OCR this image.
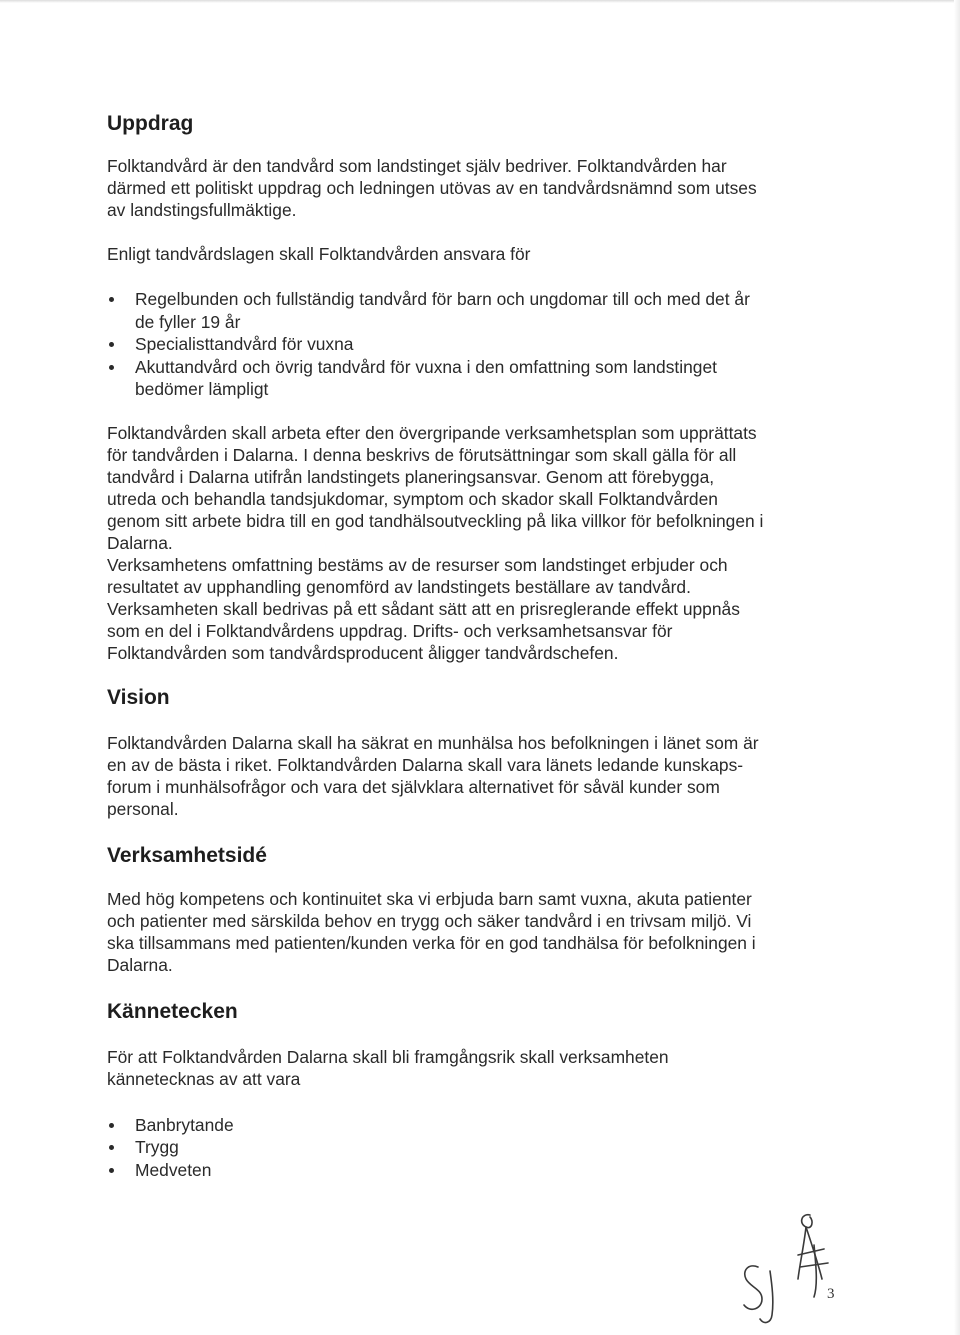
Uppdrag

Folktandvård är den tandvård som landstinget själv bedriver. Folktandvården har
därmed ett politiskt uppdrag och ledningen utövas av en tandvårdsnämnd som utses
av landstingsfullmäktige.

Enligt tandvårdslagen skall Folktandvården ansvara för

Regelbunden och fullständig tandvård för barn och ungdomar till och med det år
de fyller 19 år
Specialisttandvård för vuxna
Akuttandvård och övrig tandvård för vuxna i den omfattning som landstinget
bedömer lämpligt

Folktandvården skall arbeta efter den övergripande verksamhetsplan som upprättats
för tandvården i Dalarna. I denna beskrivs de förutsättningar som skall gälla för all
tandvård i Dalarna utifrån landstingets planeringsansvar. Genom att förebygga,
utreda och behandla tandsjukdomar, symptom och skador skall Folktandvården
genom sitt arbete bidra till en god tandhälsoutveckling på lika villkor för befolkningen i
Dalarna.
Verksamhetens omfattning bestäms av de resurser som landstinget erbjuder och
resultatet av upphandling genomförd av landstingets beställare av tandvård.
Verksamheten skall bedrivas på ett sådant sätt att en prisreglerande effekt uppnås
som en del i Folktandvårdens uppdrag. Drifts- och verksamhetsansvar för
Folktandvården som tandvårdsproducent åligger tandvårdschefen.

Vision

Folktandvården Dalarna skall ha säkrat en munhälsa hos befolkningen i länet som är
en av de bästa i riket. Folktandvården Dalarna skall vara länets ledande kunskaps-
forum i munhälsofrågor och vara det självklara alternativet för såväl kunder som
personal.

Verksamhetsidé

Med hög kompetens och kontinuitet ska vi erbjuda barn samt vuxna, akuta patienter
och patienter med särskilda behov en trygg och säker tandvård i en trivsam miljö. Vi
ska tillsammans med patienten/kunden verka för en god tandhälsa för befolkningen i
Dalarna.

Kännetecken

För att Folktandvården Dalarna skall bli framgångsrik skall verksamheten
kännetecknas av att vara

Banbrytande
Trygg
Medveten
3
